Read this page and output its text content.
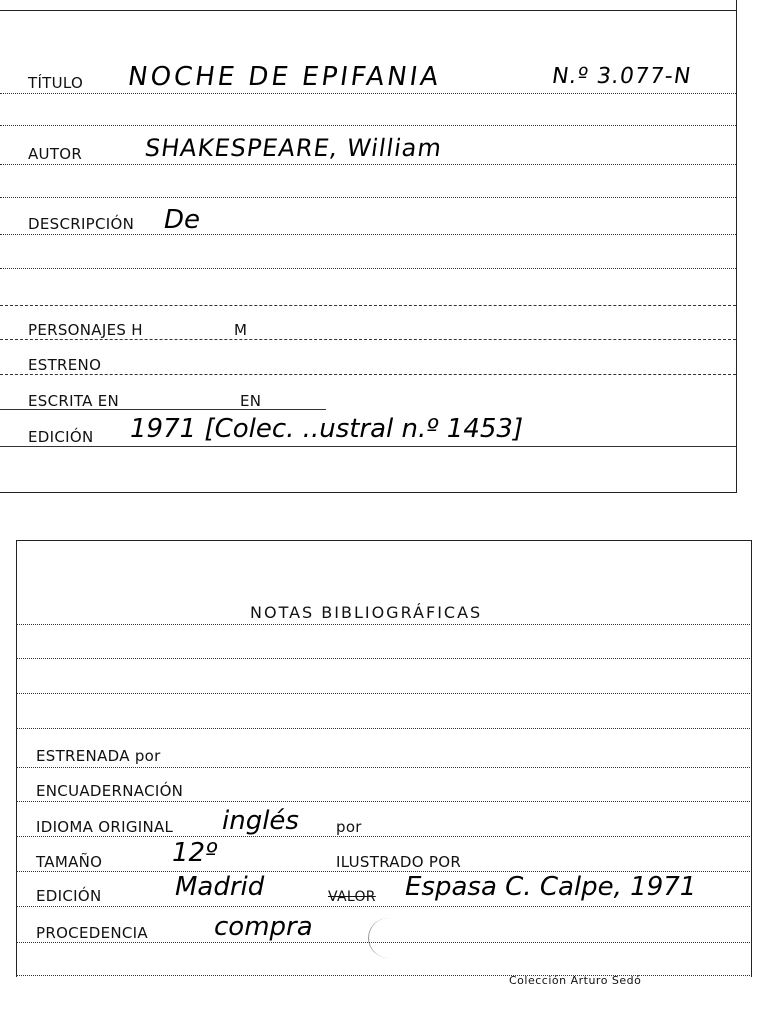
TÍTULO NOCHE DE EPIFANIA	N.º 3.077-N
AUTOR	SHAKESPEARE, William
DESCRIPCIÓN De
PERSONAJES H	M
ESTRENO
ESCRITA EN	EN
EDICIÓN 1971 [Colec. ..ustral n.º 1453]
NOTAS BIBLIOGRÁFICAS
ESTRENADA por
ENCUADERNACIÓN
IDIOMA ORIGINAL inglés por
TAMAÑO	12º	ILUSTRADO POR
EDICIÓN	Madrid	VALOR Espasa C. Calpe, 1971
PROCEDENCIA	compra
Colección Arturo Sedó
